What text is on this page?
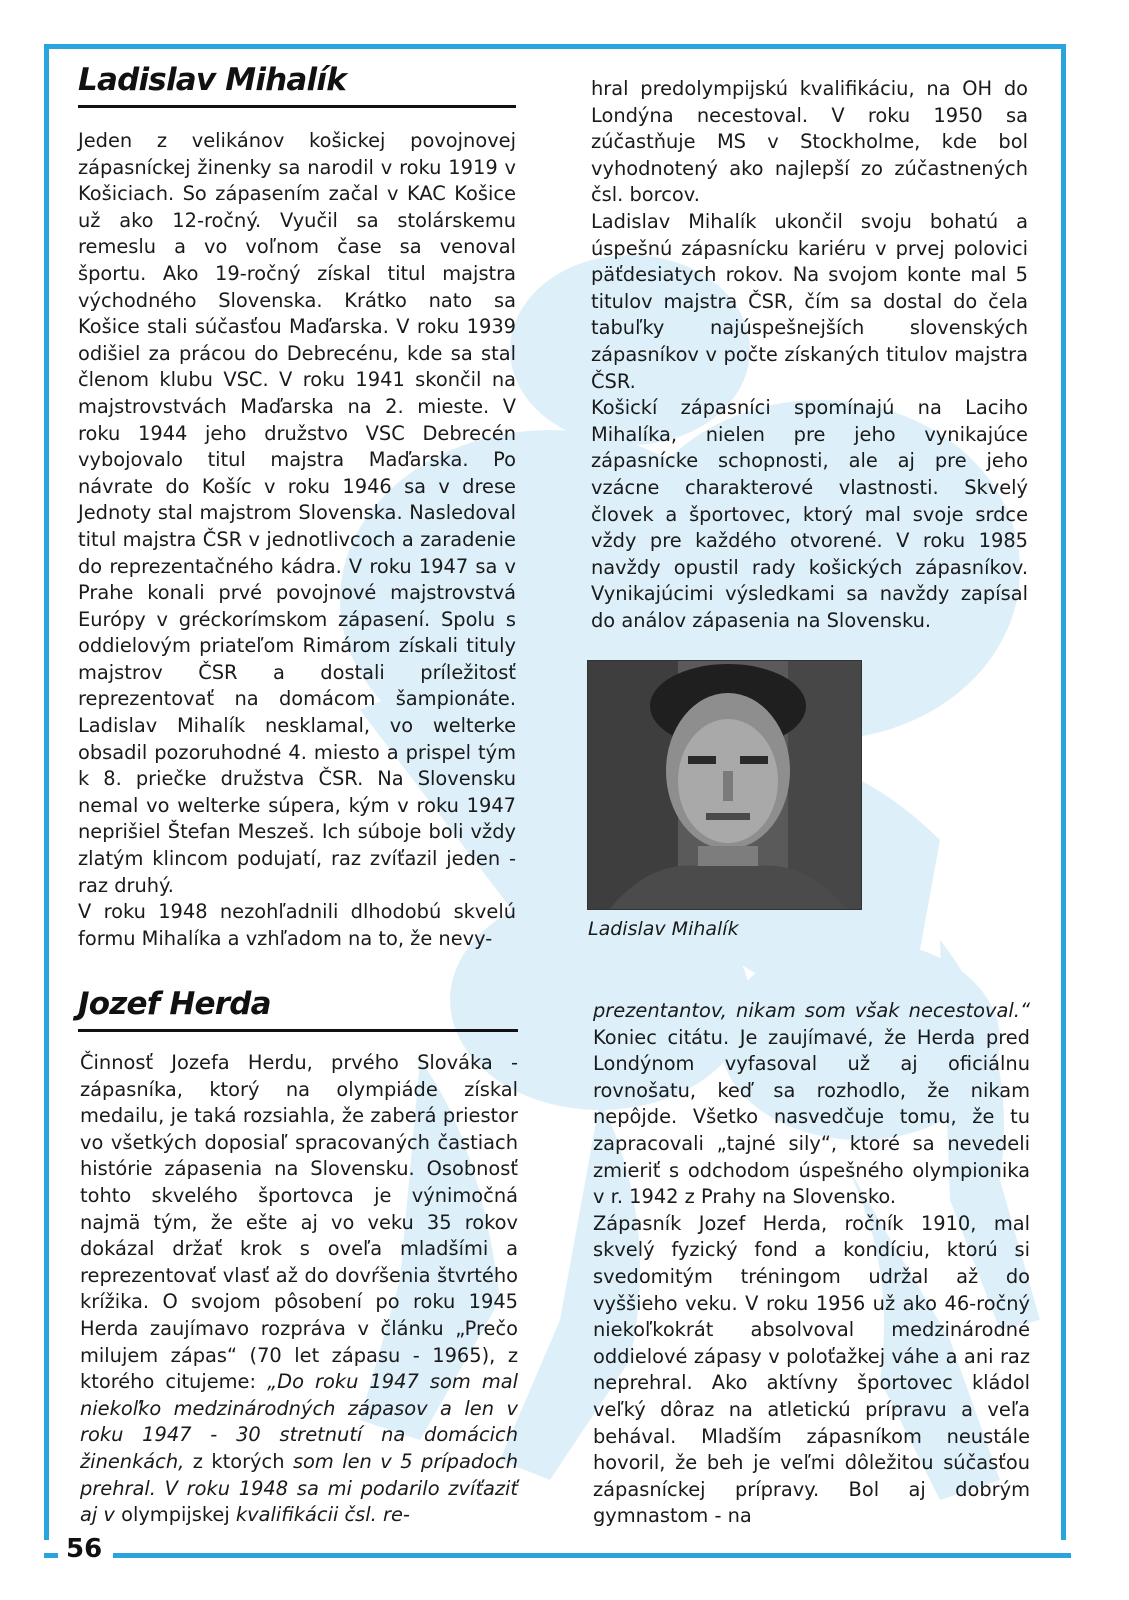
56
Ladislav Mihalík

Jeden z velikánov košickej povojnovej zápasníckej žinenky sa narodil v roku 1919 v Košiciach. So zápasením začal v KAC Košice už ako 12-ročný. Vyučil sa stolárskemu remeslu a vo voľnom čase sa venoval športu. Ako 19-ročný získal titul majstra východného Slovenska. Krátko nato sa Košice stali súčasťou Maďarska. V roku 1939 odišiel za prácou do Debrecénu, kde sa stal členom klubu VSC. V roku 1941 skončil na majstrovstvách Maďarska na 2. mieste. V roku 1944 jeho družstvo VSC Debrecén vybojovalo titul majstra Maďarska. Po návrate do Košíc v roku 1946 sa v drese Jednoty stal majstrom Slovenska. Nasledoval titul majstra ČSR v jednotlivcoch a zaradenie do reprezentačného kádra. V roku 1947 sa v Prahe konali prvé povojnové majstrovstvá Európy v gréckorímskom zápasení. Spolu s oddielovým priateľom Rimárom získali tituly majstrov ČSR a dostali príležitosť reprezentovať na domácom šampionáte. Ladislav Mihalík nesklamal, vo welterke obsadil pozoruhodné 4. miesto a prispel tým k 8. priečke družstva ČSR. Na Slovensku nemal vo welterke súpera, kým v roku 1947 neprišiel Štefan Meszeš. Ich súboje boli vždy zlatým klincom podujatí, raz zvíťazil jeden - raz druhý.

V roku 1948 nezohľadnili dlhodobú skvelú formu Mihalíka a vzhľadom na to, že nevy-

hral predolympijskú kvalifikáciu, na OH do Londýna necestoval. V roku 1950 sa zúčastňuje MS v Stockholme, kde bol vyhodnotený ako najlepší zo zúčastnených čsl. borcov.

Ladislav Mihalík ukončil svoju bohatú a úspešnú zápasnícku kariéru v prvej polovici päťdesiatych rokov. Na svojom konte mal 5 titulov majstra ČSR, čím sa dostal do čela tabuľky najúspešnejších slovenských zápasníkov v počte získaných titulov majstra ČSR.

Košickí zápasníci spomínajú na Laciho Mihalíka, nielen pre jeho vynikajúce zápasnícke schopnosti, ale aj pre jeho vzácne charakterové vlastnosti. Skvelý človek a športovec, ktorý mal svoje srdce vždy pre každého otvorené. V roku 1985 navždy opustil rady košických zápasníkov. Vynikajúcimi výsledkami sa navždy zapísal do análov zápasenia na Slovensku.

Ladislav Mihalík
Jozef Herda

Činnosť Jozefa Herdu, prvého Slováka - zápasníka, ktorý na olympiáde získal medailu, je taká rozsiahla, že zaberá priestor vo všetkých doposiaľ spracovaných častiach histórie zápasenia na Slovensku. Osobnosť tohto skvelého športovca je výnimočná najmä tým, že ešte aj vo veku 35 rokov dokázal držať krok s oveľa mladšími a reprezentovať vlasť až do dovŕšenia štvrtého krížika. O svojom pôsobení po roku 1945 Herda zaujímavo rozpráva v článku „Prečo milujem zápas“ (70 let zápasu - 1965), z ktorého citujeme: „Do roku 1947 som mal niekoľko medzinárodných zápasov a len v roku 1947 - 30 stretnutí na domácich žinenkách, z ktorých som len v 5 prípadoch prehral. V roku 1948 sa mi podarilo zvíťaziť aj v olympijskej kvalifikácii čsl. re-

prezentantov, nikam som však necestoval.“ Koniec citátu. Je zaujímavé, že Herda pred Londýnom vyfasoval už aj oficiálnu rovnošatu, keď sa rozhodlo, že nikam nepôjde. Všetko nasvedčuje tomu, že tu zapracovali „tajné sily“, ktoré sa nevedeli zmieriť s odchodom úspešného olympionika v r. 1942 z Prahy na Slovensko.

Zápasník Jozef Herda, ročník 1910, mal skvelý fyzický fond a kondíciu, ktorú si svedomitým tréningom udržal až do vyššieho veku. V roku 1956 už ako 46-ročný niekoľkokrát absolvoval medzinárodné oddielové zápasy v poloťažkej váhe a ani raz neprehral. Ako aktívny športovec kládol veľký dôraz na atletickú prípravu a veľa behával. Mladším zápasníkom neustále hovoril, že beh je veľmi dôležitou súčasťou zápasníckej prípravy. Bol aj dobrým gymnastom - na
